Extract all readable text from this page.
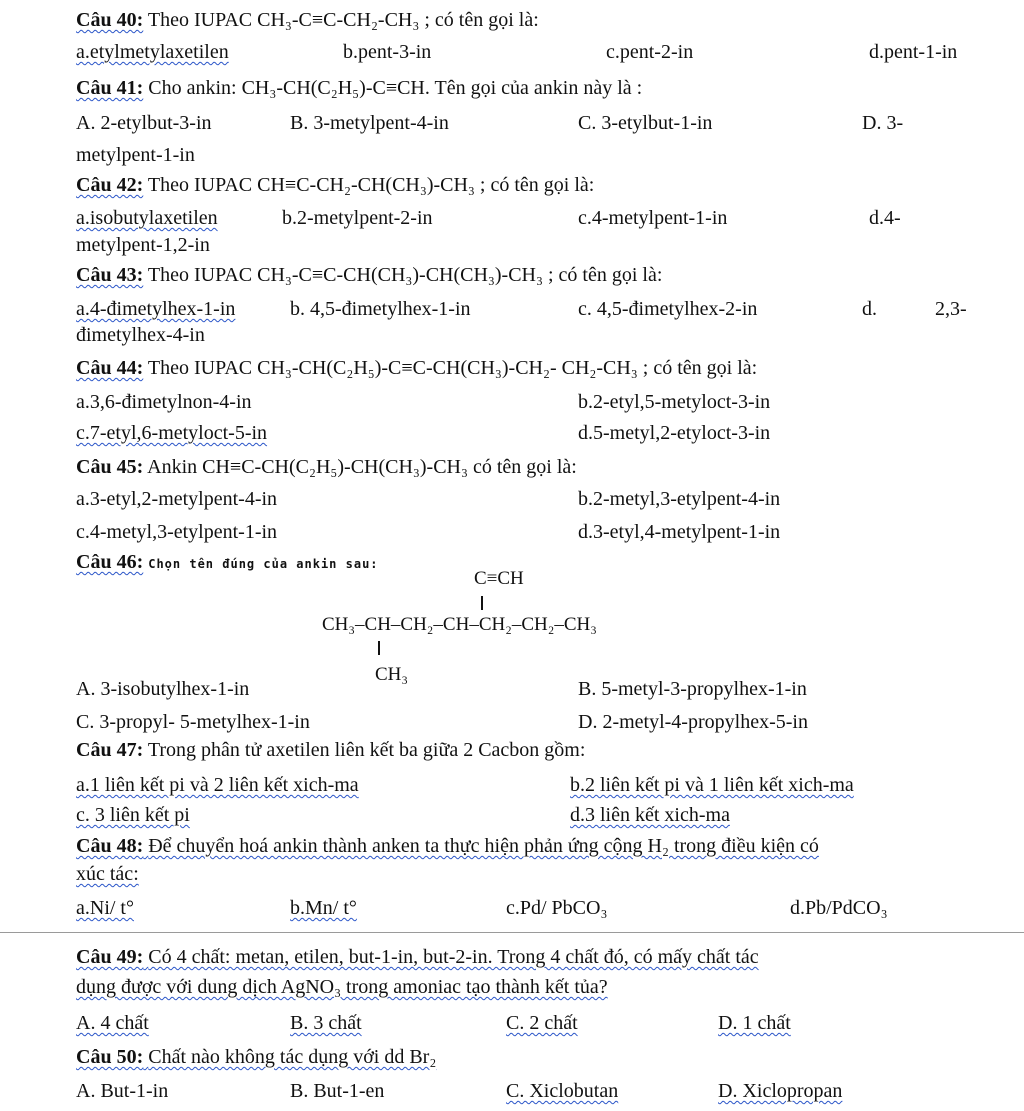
Câu 40: Theo IUPAC CH₃-C≡C-CH₂-CH₃ ; có tên gọi là:
a.etylmetylaxetilen	b.pent-3-in	c.pent-2-in	d.pent-1-in
Câu 41: Cho ankin: CH₃-CH(C₂H₅)-C≡CH. Tên gọi của ankin này là :
A. 2-etylbut-3-in	B. 3-metylpent-4-in	C. 3-etylbut-1-in	D. 3-
metylpent-1-in
Câu 42: Theo IUPAC CH≡C-CH₂-CH(CH₃)-CH₃ ; có tên gọi là:
a.isobutylaxetilen	b.2-metylpent-2-in	c.4-metylpent-1-in	d.4-
metylpent-1,2-in
Câu 43: Theo IUPAC CH₃-C≡C-CH(CH₃)-CH(CH₃)-CH₃ ; có tên gọi là:
a.4-đimetylhex-1-in	b. 4,5-đimetylhex-1-in	c. 4,5-đimetylhex-2-in	d.	2,3-
đimetylhex-4-in
Câu 44: Theo IUPAC CH₃-CH(C₂H₅)-C≡C-CH(CH₃)-CH₂- CH₂-CH₃ ; có tên gọi là:
a.3,6-đimetylnon-4-in	b.2-etyl,5-metyloct-3-in
c.7-etyl,6-metyloct-5-in	d.5-metyl,2-etyloct-3-in
Câu 45: Ankin CH≡C-CH(C₂H₅)-CH(CH₃)-CH₃ có tên gọi là:
a.3-etyl,2-metylpent-4-in	b.2-metyl,3-etylpent-4-in
c.4-metyl,3-etylpent-1-in	d.3-etyl,4-metylpent-1-in
Câu 46: Chọn tên đúng của ankin sau:
C≡CH
CH₃–CH–CH₂–CH–CH₂–CH₂–CH₃
CH₃
A. 3-isobutylhex-1-in	B. 5-metyl-3-propylhex-1-in
C. 3-propyl- 5-metylhex-1-in	D. 2-metyl-4-propylhex-5-in
Câu 47: Trong phân tử axetilen liên kết ba giữa 2 Cacbon gồm:
a.1 liên kết pi và 2 liên kết xich-ma	b.2 liên kết pi và 1 liên kết xich-ma
c. 3 liên kết pi	d.3 liên kết xich-ma
Câu 48: Để chuyển hoá ankin thành anken ta thực hiện phản ứng cộng H₂ trong điều kiện có
xúc tác:
a.Ni/ t°	b.Mn/ t°	c.Pd/ PbCO₃	d.Pb/PdCO₃
Câu 49: Có 4 chất: metan, etilen, but-1-in, but-2-in. Trong 4 chất đó, có mấy chất tác
dụng được với dung dịch AgNO₃ trong amoniac tạo thành kết tủa?
A. 4 chất	B. 3 chất	C. 2 chất	D. 1 chất
Câu 50: Chất nào không tác dụng với dd Br₂
A. But-1-in	B. But-1-en	C. Xiclobutan	D. Xiclopropan
